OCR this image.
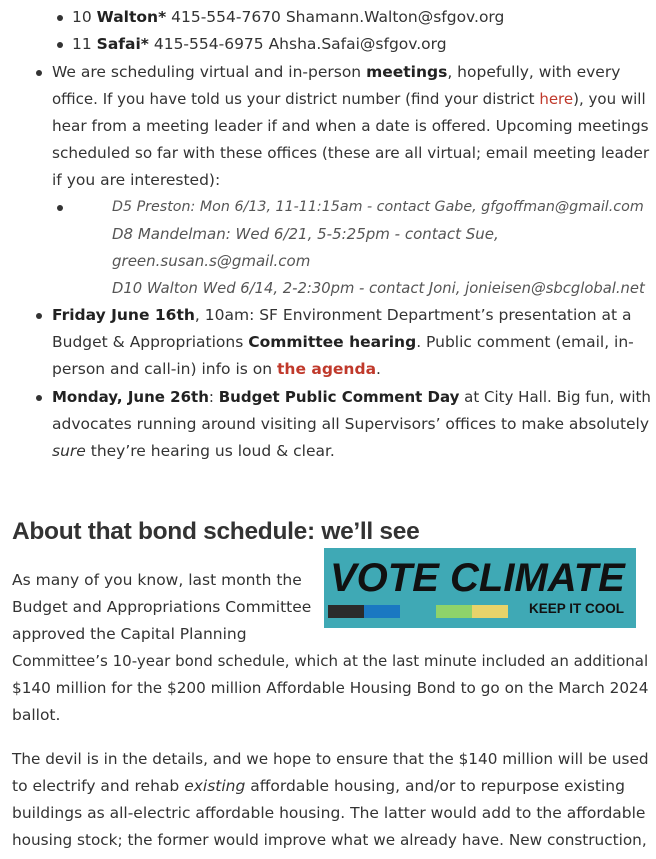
10 Walton* 415-554-7670 Shamann.Walton@sfgov.org
11 Safai* 415-554-6975 Ahsha.Safai@sfgov.org
We are scheduling virtual and in-person meetings, hopefully, with every
office. If you have told us your district number (find your district here), you will
hear from a meeting leader if and when a date is offered. Upcoming meetings
scheduled so far with these offices (these are all virtual; email meeting leader
if you are interested):
D5 Preston: Mon 6/13, 11-11:15am - contact Gabe, gfgoffman@gmail.com
D8 Mandelman: Wed 6/21, 5-5:25pm - contact Sue,
green.susan.s@gmail.com
D10 Walton Wed 6/14, 2-2:30pm - contact Joni, jonieisen@sbcglobal.net
Friday June 16th, 10am: SF Environment Department’s presentation at a
Budget & Appropriations Committee hearing. Public comment (email, in-
person and call-in) info is on the agenda.
Monday, June 26th: Budget Public Comment Day at City Hall. Big fun, with
advocates running around visiting all Supervisors’ offices to make absolutely
sure they’re hearing us loud & clear.
About that bond schedule: we’ll see
VOTE CLIMATE
KEEP IT COOL
As many of you know, last month the
Budget and Appropriations Committee
approved the Capital Planning
Committee’s 10-year bond schedule, which at the last minute included an additional
$140 million for the $200 million Affordable Housing Bond to go on the March 2024
ballot.
The devil is in the details, and we hope to ensure that the $140 million will be used
to electrify and rehab existing affordable housing, and/or to repurpose existing
buildings as all-electric affordable housing. The latter would add to the affordable
housing stock; the former would improve what we already have. New construction,
